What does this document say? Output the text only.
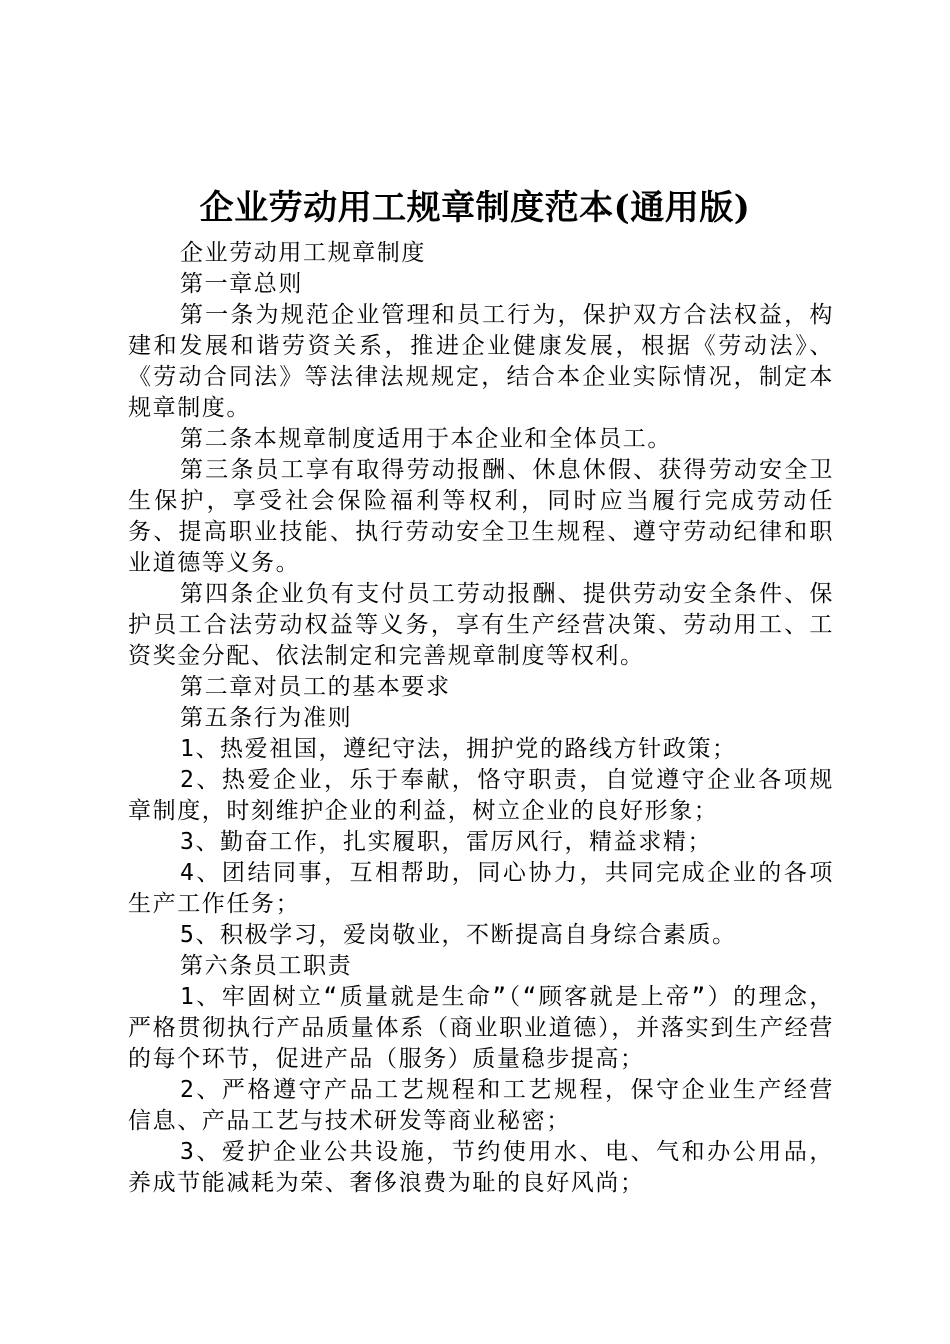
企业劳动用工规章制度范本(通用版)

企业劳动用工规章制度

第一章总则

第一条为规范企业管理和员工行为，保护双方合法权益，构建和发展和谐劳资关系，推进企业健康发展，根据《劳动法》、《劳动合同法》等法律法规规定，结合本企业实际情况，制定本规章制度。

第二条本规章制度适用于本企业和全体员工。

第三条员工享有取得劳动报酬、休息休假、获得劳动安全卫生保护，享受社会保险福利等权利，同时应当履行完成劳动任务、提高职业技能、执行劳动安全卫生规程、遵守劳动纪律和职业道德等义务。

第四条企业负有支付员工劳动报酬、提供劳动安全条件、保护员工合法劳动权益等义务，享有生产经营决策、劳动用工、工资奖金分配、依法制定和完善规章制度等权利。

第二章对员工的基本要求

第五条行为准则

1、热爱祖国，遵纪守法，拥护党的路线方针政策；

2、热爱企业，乐于奉献，恪守职责，自觉遵守企业各项规章制度，时刻维护企业的利益，树立企业的良好形象；

3、勤奋工作，扎实履职，雷厉风行，精益求精；

4、团结同事，互相帮助，同心协力，共同完成企业的各项生产工作任务；

5、积极学习，爱岗敬业，不断提高自身综合素质。

第六条员工职责

1、牢固树立“质量就是生命”（“顾客就是上帝”）的理念，严格贯彻执行产品质量体系（商业职业道德），并落实到生产经营的每个环节，促进产品（服务）质量稳步提高；

2、严格遵守产品工艺规程和工艺规程，保守企业生产经营信息、产品工艺与技术研发等商业秘密；

3、爱护企业公共设施，节约使用水、电、气和办公用品，养成节能减耗为荣、奢侈浪费为耻的良好风尚；
